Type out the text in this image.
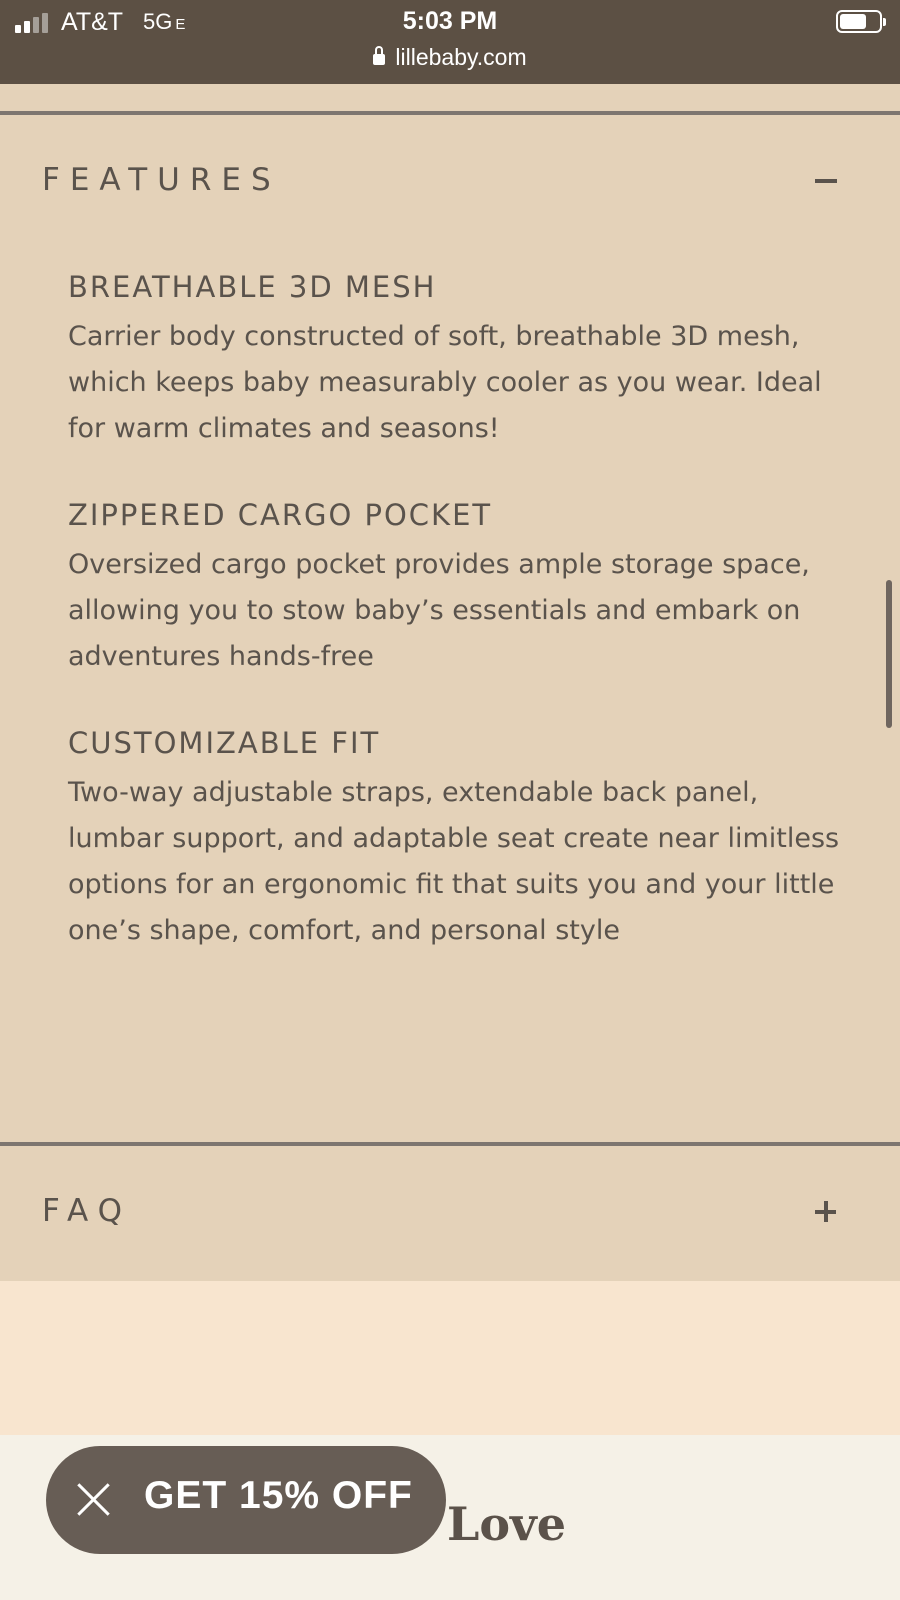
AT&T 5G E	5:03 PM
lillebaby.com
FEATURES
BREATHABLE 3D MESH

Carrier body constructed of soft, breathable 3D mesh, which keeps baby measurably cooler as you wear. Ideal for warm climates and seasons!

ZIPPERED CARGO POCKET

Oversized cargo pocket provides ample storage space, allowing you to stow baby’s essentials and embark on adventures hands-free

CUSTOMIZABLE FIT

Two-way adjustable straps, extendable back panel, lumbar support, and adaptable seat create near limitless options for an ergonomic fit that suits you and your little one’s shape, comfort, and personal style

FAQ
Love
GET 15% OFF
